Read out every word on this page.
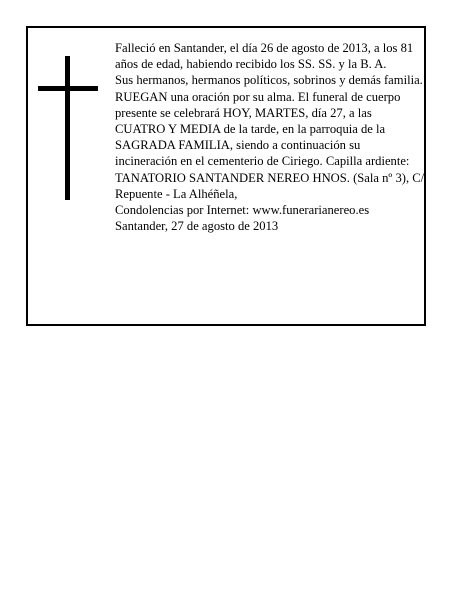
Falleció en Santander, el día 26 de agosto de 2013, a los 81 años de edad, habiendo recibido los SS. SS. y la B. A.

Sus hermanos, hermanos políticos, sobrinos y demás familia.

RUEGAN una oración por su alma. El funeral de cuerpo presente se celebrará HOY, MARTES, día 27, a las CUATRO Y MEDIA de la tarde, en la parroquia de la SAGRADA FAMILIA, siendo a continuación su incineración en el cementerio de Ciriego. Capilla ardiente: TANATORIO SANTANDER NEREO HNOS. (Sala nº 3), C/ Repuente - La Alhéñela,

Condolencias por Internet: www.funerarianereo.es

Santander, 27 de agosto de 2013
